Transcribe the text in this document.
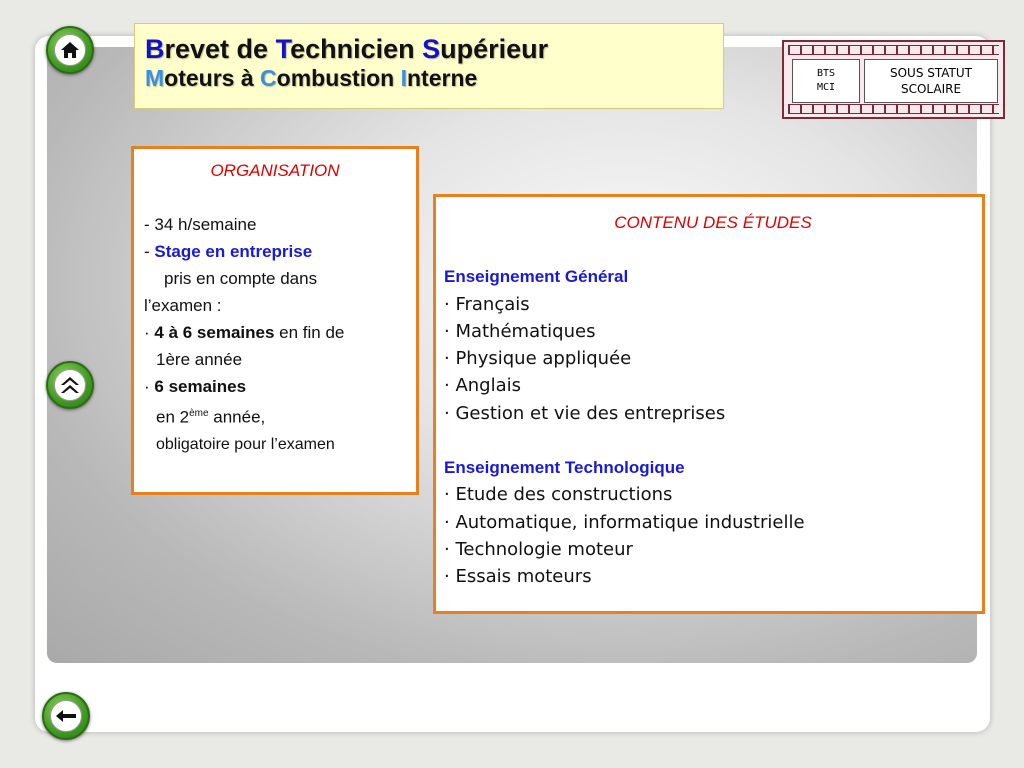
Brevet de Technicien Supérieur
Moteurs à Combustion Interne	BTS
MCI
SOUS STATUT
SCOLAIRE
ORGANISATION
- 34 h/semaine
- Stage en entreprise
pris en compte dans
l’examen :
· 4 à 6 semaines en fin de
1ère année
· 6 semaines
en 2ème année,
obligatoire pour l’examen
CONTENU DES ÉTUDES
Enseignement Général
· Français
· Mathématiques
· Physique appliquée
· Anglais
· Gestion et vie des entreprises
Enseignement Technologique
· Etude des constructions
· Automatique, informatique industrielle
· Technologie moteur
· Essais moteurs
